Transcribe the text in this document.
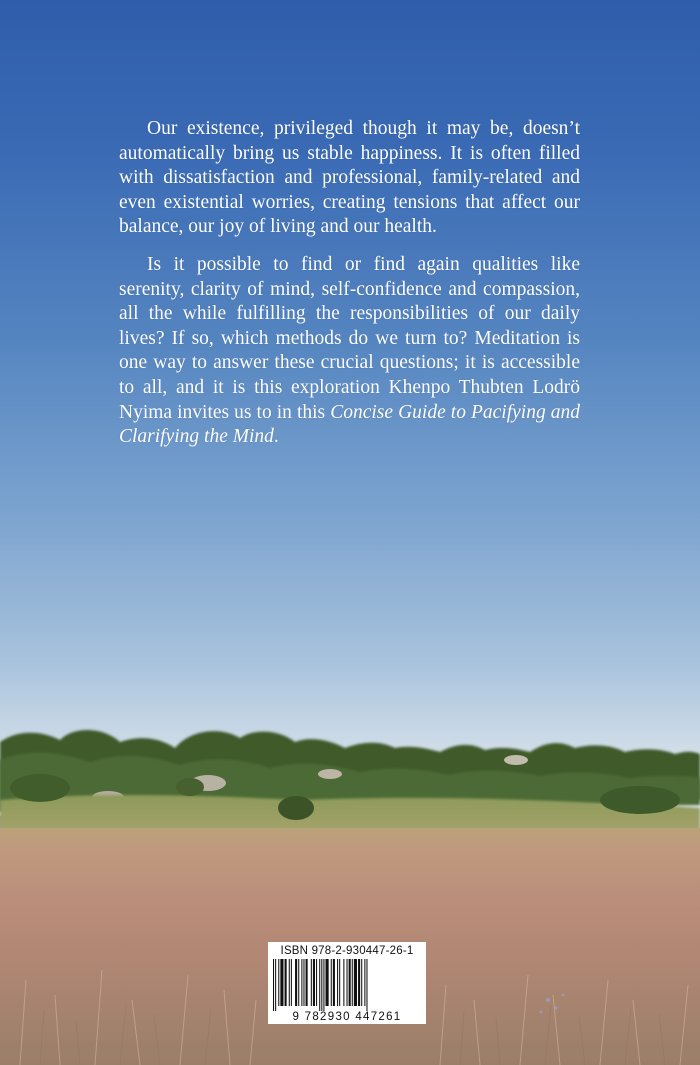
Our existence, privileged though it may be, doesn’t automatically bring us stable happiness. It is often filled with dissatisfaction and professional, family-related and even existential worries, creating tensions that affect our balance, our joy of living and our health.

Is it possible to find or find again qualities like serenity, clarity of mind, self-confidence and compassion, all the while fulfilling the responsibilities of our daily lives? If so, which methods do we turn to? Meditation is one way to answer these crucial questions; it is accessible to all, and it is this exploration Khenpo Thubten Lodrö Nyima invites us to in this Concise Guide to Pacifying and Clarifying the Mind.

ISBN 978-2-930447-26-1
9 782930 447261
